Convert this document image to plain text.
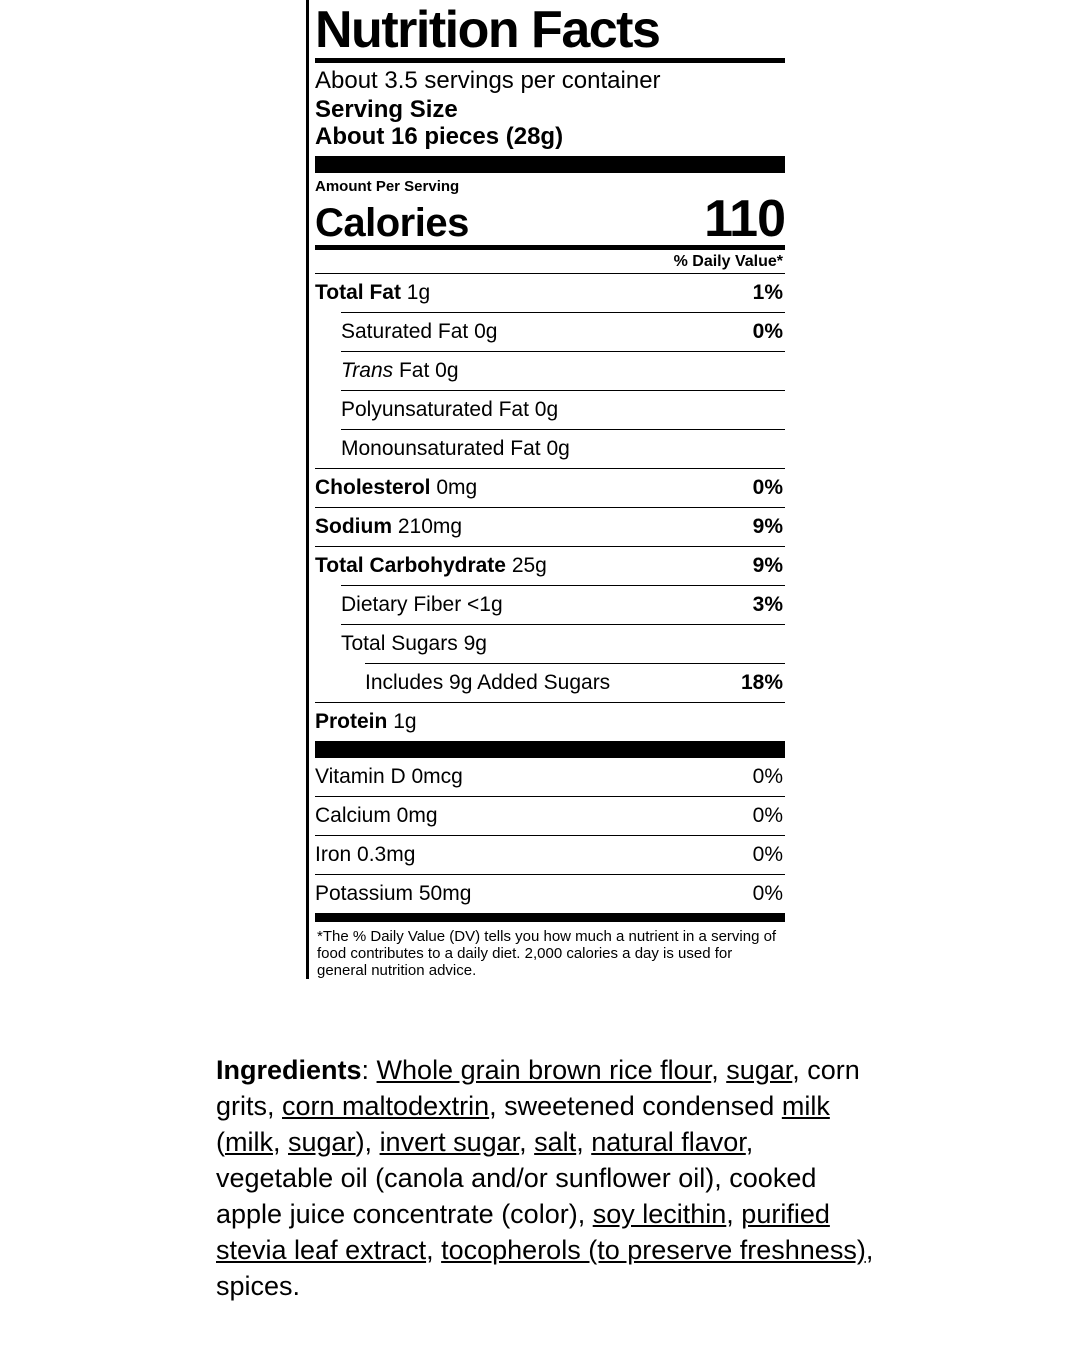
Nutrition Facts
About 3.5 servings per container
Serving Size
About 16 pieces (28g)
Amount Per Serving
Calories	110
% Daily Value*
Total Fat 1g	1%
Saturated Fat 0g	0%
Trans Fat 0g
Polyunsaturated Fat 0g
Monounsaturated Fat 0g
Cholesterol 0mg	0%
Sodium 210mg	9%
Total Carbohydrate 25g	9%
Dietary Fiber <1g	3%
Total Sugars 9g
Includes 9g Added Sugars	18%
Protein 1g
Vitamin D 0mcg	0%
Calcium 0mg	0%
Iron 0.3mg	0%
Potassium 50mg	0%
*The % Daily Value (DV) tells you how much a nutrient in a serving of food contributes to a daily diet. 2,000 calories a day is used for general nutrition advice.
Ingredients: Whole grain brown rice flour, sugar, corn grits, corn maltodextrin, sweetened condensed milk (milk, sugar), invert sugar, salt, natural flavor, vegetable oil (canola and/or sunflower oil), cooked apple juice concentrate (color), soy lecithin, purified stevia leaf extract, tocopherols (to preserve freshness), spices.
